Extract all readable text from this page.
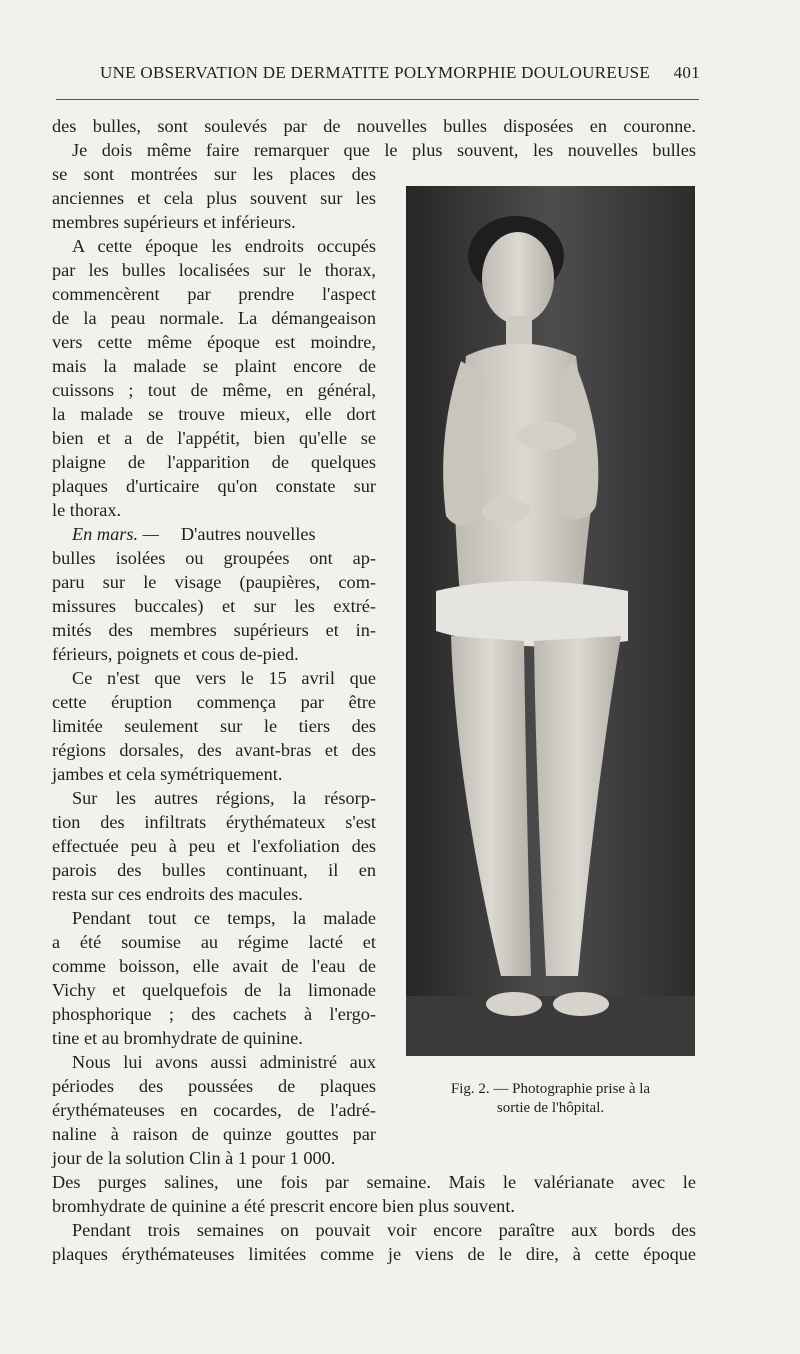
UNE OBSERVATION DE DERMATITE POLYMORPHIE DOULOUREUSE 401
des bulles, sont soulevés par de nouvelles bulles disposées en couronne.
Je dois même faire remarquer que le plus souvent, les nouvelles bulles
se sont montrées sur les places des
anciennes et cela plus souvent sur les
membres supérieurs et inférieurs.
A cette époque les endroits occupés
par les bulles localisées sur le thorax,
commencèrent par prendre l'aspect
de la peau normale. La démangeaison
vers cette même époque est moindre,
mais la malade se plaint encore de
cuissons ; tout de même, en général,
la malade se trouve mieux, elle dort
bien et a de l'appétit, bien qu'elle se
plaigne de l'apparition de quelques
plaques d'urticaire qu'on constate sur
le thorax.
En mars. — D'autres nouvelles
bulles isolées ou groupées ont ap-
paru sur le visage (paupières, com-
missures buccales) et sur les extré-
mités des membres supérieurs et in-
férieurs, poignets et cous de-pied.
Ce n'est que vers le 15 avril que
cette éruption commença par être
limitée seulement sur le tiers des
régions dorsales, des avant-bras et des
jambes et cela symétriquement.
Sur les autres régions, la résorp-
tion des infiltrats érythémateux s'est
effectuée peu à peu et l'exfoliation des
parois des bulles continuant, il en
resta sur ces endroits des macules.
Pendant tout ce temps, la malade
a été soumise au régime lacté et
comme boisson, elle avait de l'eau de
Vichy et quelquefois de la limonade
phosphorique ; des cachets à l'ergo-
tine et au bromhydrate de quinine.
Nous lui avons aussi administré aux
périodes des poussées de plaques
érythémateuses en cocardes, de l'adré-
naline à raison de quinze gouttes par
jour de la solution Clin à 1 pour 1 000.
Des purges salines, une fois par semaine. Mais le valérianate avec le
bromhydrate de quinine a été prescrit encore bien plus souvent.
Pendant trois semaines on pouvait voir encore paraître aux bords des
plaques érythémateuses limitées comme je viens de le dire, à cette époque
Fig. 2. — Photographie prise à la
sortie de l'hôpital.
